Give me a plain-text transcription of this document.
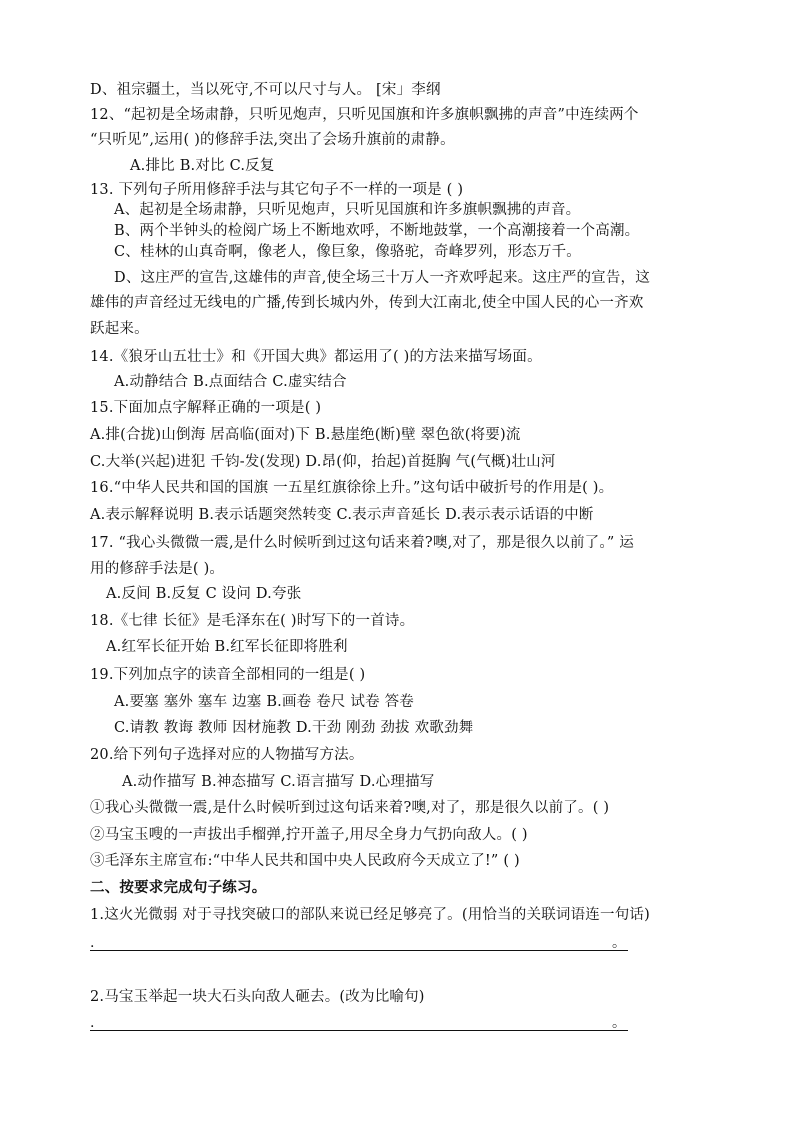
D、祖宗疆土，当以死守,不可以尺寸与人。 [宋」李纲
12、“起初是全场肃静，只听见炮声，只听见国旗和许多旗帜飘拂的声音”中连续两个
“只听见”,运用( )的修辞手法,突出了会场升旗前的肃静。
A.排比 B.对比 C.反复
13. 下列句子所用修辞手法与其它句子不一样的一项是 ( )
A、起初是全场肃静，只听见炮声，只听见国旗和许多旗帜飘拂的声音。
B、两个半钟头的检阅广场上不断地欢呼，不断地鼓掌，一个高潮接着一个高潮。
C、桂林的山真奇啊，像老人，像巨象，像骆驼，奇峰罗列，形态万千。
D、这庄严的宣告,这雄伟的声音,使全场三十万人一齐欢呼起来。这庄严的宣告，这
雄伟的声音经过无线电的广播,传到长城内外，传到大江南北,使全中国人民的心一齐欢
跃起来。
14.《狼牙山五壮士》和《开国大典》都运用了( )的方法来描写场面。
A.动静结合 B.点面结合 C.虚实结合
15.下面加点字解释正确的一项是( )
A.排(合拢)山倒海 居高临(面对)下 B.悬崖绝(断)壁 翠色欲(将要)流
C.大举(兴起)进犯 千钧-发(发现) D.昂(仰，抬起)首挺胸 气(气概)壮山河
16.“中华人民共和国的国旗 一五星红旗徐徐上升。”这句话中破折号的作用是( )。
A.表示解释说明 B.表示话题突然转变 C.表示声音延长 D.表示表示话语的中断
17. “我心头微微一震,是什么时候听到过这句话来着?噢,对了，那是很久以前了。” 运
用的修辞手法是( )。
A.反间 B.反复 C 设问 D.夸张
18.《七律 长征》是毛泽东在( )时写下的一首诗。
A.红军长征开始 B.红军长征即将胜利
19.下列加点字的读音全部相同的一组是( )
A.要塞 塞外 塞车 边塞 B.画卷 卷尺 试卷 答卷
C.请教 教诲 教师 因材施教 D.干劲 刚劲 劲拔 欢歌劲舞
20.给下列句子选择对应的人物描写方法。
A.动作描写 B.神态描写 C.语言描写 D.心理描写
①我心头微微一震,是什么时候听到过这句话来着?噢,对了，那是很久以前了。( )
②马宝玉嗖的一声拔出手榴弹,拧开盖子,用尽全身力气扔向敌人。( )
③毛泽东主席宣布:“中华人民共和国中央人民政府今天成立了!” ( )
二、按要求完成句子练习。
1.这火光微弱 对于寻找突破口的部队来说已经足够亮了。(用恰当的关联词语连一句话)
.	。
2.马宝玉举起一块大石头向敌人砸去。(改为比喻句)
.	。
